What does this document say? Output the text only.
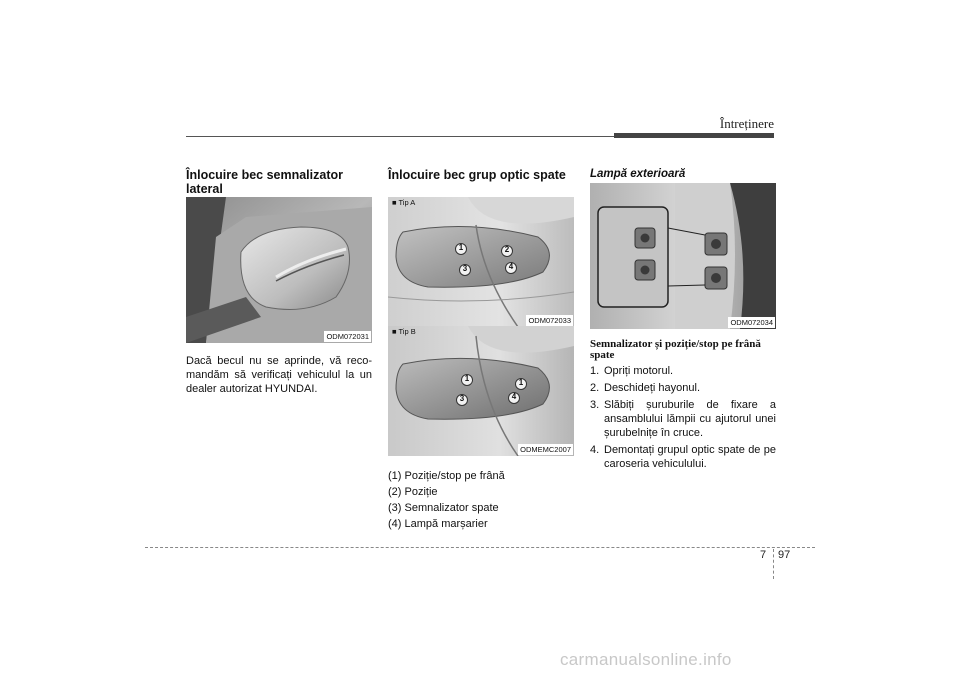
Întreținere
Înlocuire bec semnalizator lateral
ODM072031
Dacă becul nu se aprinde, vă reco- mandăm să verificați vehiculul la un dealer autorizat HYUNDAI.
Înlocuire bec grup optic spate
■ Tip A
1	2
3	4
ODM072033
■ Tip B
1	1
3	4
ODMEMC2007
(1) Poziție/stop pe frână
(2) Poziție
(3) Semnalizator spate
(4) Lampă marșarier
Lampă exterioară
ODM072034
Semnalizator și poziție/stop pe frână spate
1. Opriți motorul.
2. Deschideți hayonul.
3. Slăbiți șuruburile de fixare a ansamblului lămpii cu ajutorul unei șurubelnițe în cruce.
4. Demontați grupul optic spate de pe caroseria vehiculului.
7 97
carmanualsonline.info
